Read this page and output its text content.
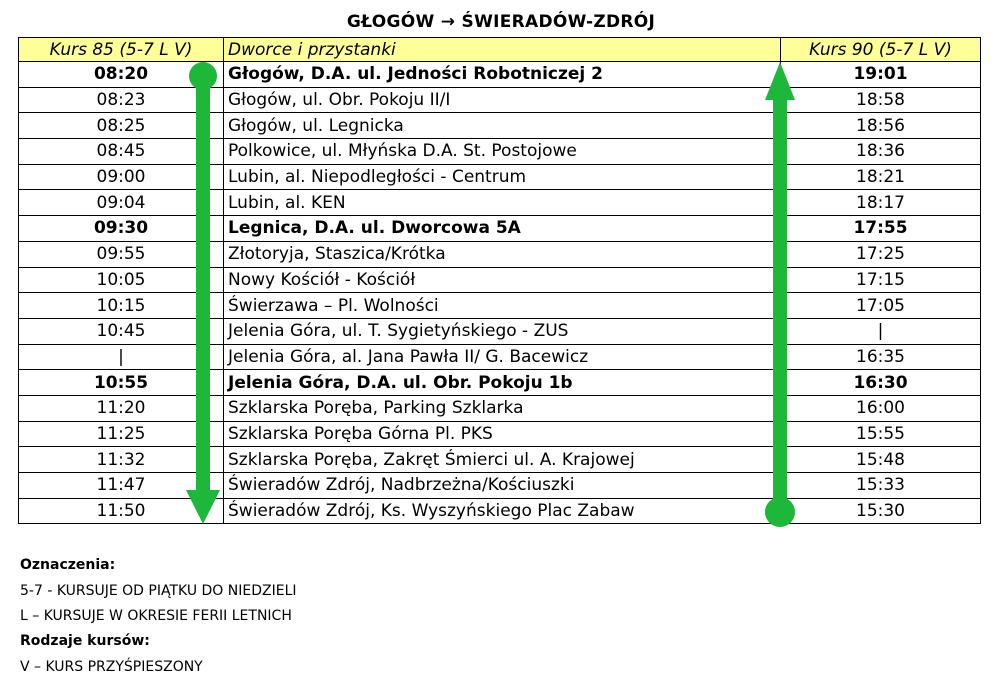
GŁOGÓW → ŚWIERADÓW-ZDRÓJ
Kurs 85 (5-7 L V)	Dworce i przystanki	Kurs 90 (5-7 L V)
08:20	Głogów, D.A. ul. Jedności Robotniczej 2	19:01
08:23	Głogów, ul. Obr. Pokoju II/I	18:58
08:25	Głogów, ul. Legnicka	18:56
08:45	Polkowice, ul. Młyńska D.A. St. Postojowe	18:36
09:00	Lubin, al. Niepodległości - Centrum	18:21
09:04	Lubin, al. KEN	18:17
09:30	Legnica, D.A. ul. Dworcowa 5A	17:55
09:55	Złotoryja, Staszica/Krótka	17:25
10:05	Nowy Kościół - Kościół	17:15
10:15	Świerzawa – Pl. Wolności	17:05
10:45	Jelenia Góra, ul. T. Sygietyńskiego - ZUS	|
|	Jelenia Góra, al. Jana Pawła II/ G. Bacewicz	16:35
10:55	Jelenia Góra, D.A. ul. Obr. Pokoju 1b	16:30
11:20	Szklarska Poręba, Parking Szklarka	16:00
11:25	Szklarska Poręba Górna Pl. PKS	15:55
11:32	Szklarska Poręba, Zakręt Śmierci ul. A. Krajowej	15:48
11:47	Świeradów Zdrój, Nadbrzeżna/Kościuszki	15:33
11:50	Świeradów Zdrój, Ks. Wyszyńskiego Plac Zabaw	15:30
Oznaczenia:
5-7 - KURSUJE OD PIĄTKU DO NIEDZIELI
L – KURSUJE W OKRESIE FERII LETNICH
Rodzaje kursów:
V – KURS PRZYŚPIESZONY
